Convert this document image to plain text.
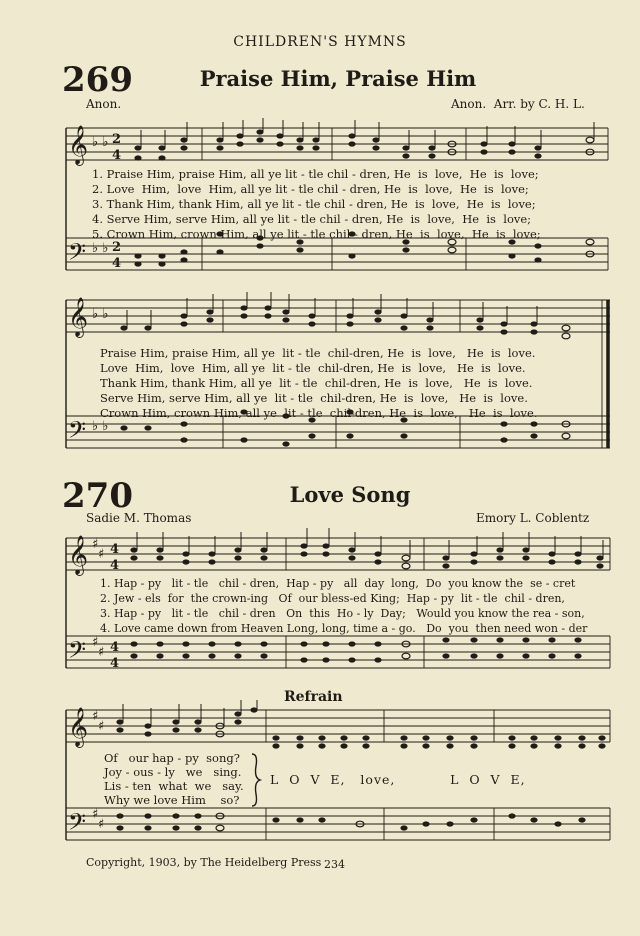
CHILDREN'S HYMNS
269	Praise Him, Praise Him
Anon.	Anon.  Arr. by C. H. L.
𝄞
𝄢
♭ ♭
♭ ♭
2
4
2
4
1. Praise Him, praise Him, all ye lit - tle chil - dren, He  is  love,  He  is  love;
2. Love  Him,  love  Him, all ye lit - tle chil - dren, He  is  love,  He  is  love;
3. Thank Him, thank Him, all ye lit - tle chil - dren, He  is  love,  He  is  love;
4. Serve Him, serve Him, all ye lit - tle chil - dren, He  is  love,  He  is  love;
5. Crown Him, crown Him, all ye lit - tle chil - dren, He  is  love,  He  is  love;
𝄞
𝄢
♭ ♭
♭ ♭
Praise Him, praise Him, all ye  lit - tle  chil-dren, He  is  love,   He  is  love.
Love  Him,  love  Him, all ye  lit - tle  chil-dren, He  is  love,   He  is  love.
Thank Him, thank Him, all ye  lit - tle  chil-dren, He  is  love,   He  is  love.
Serve Him, serve Him, all ye  lit - tle  chil-dren, He  is  love,   He  is  love.
Crown Him, crown Him, all ye  lit - tle  chil-dren, He  is  love,   He  is  love.
270	Love Song
Sadie M. Thomas	Emory L. Coblentz
𝄞
𝄢
♯
♯
♯
♯
4
4
4
4
1. Hap - py   lit - tle   chil - dren,  Hap - py   all  day  long,  Do  you know the  se - cret
2. Jew - els  for  the crown-ing   Of  our bless-ed King;  Hap - py  lit - tle  chil - dren,
3. Hap - py   lit - tle   chil - dren   On  this  Ho - ly  Day;   Would you know the rea - son,
4. Love came down from Heaven Long, long, time a - go.   Do  you  then need won - der
Refrain
𝄞
𝄢
♯
♯
♯
♯
Of   our hap - py  song?
Joy - ous - ly   we   sing.
Lis - ten  what  we   say.
Why we love Him    so?
L  O  V  E,   love,           L  O  V  E,
Copyright, 1903, by The Heidelberg Press 234
